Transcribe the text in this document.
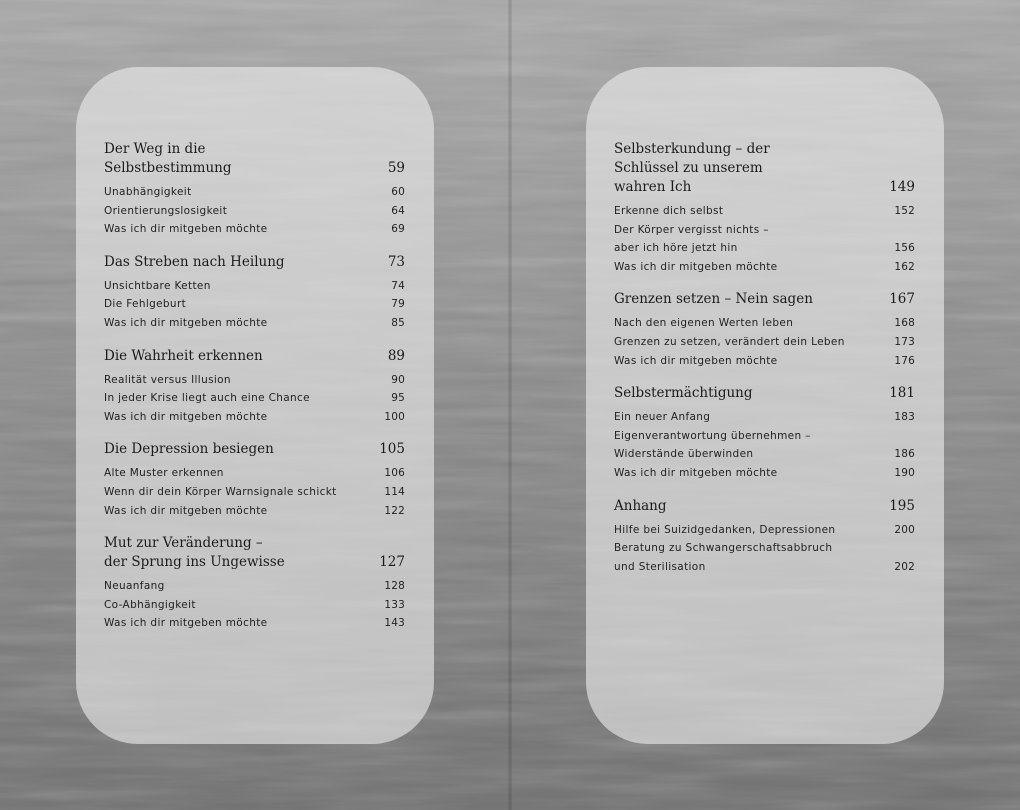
Der Weg in die
Selbstbestimmung	59
Unabhängigkeit	60
Orientierungslosigkeit	64
Was ich dir mitgeben möchte	69
Das Streben nach Heilung	73
Unsichtbare Ketten	74
Die Fehlgeburt	79
Was ich dir mitgeben möchte	85
Die Wahrheit erkennen	89
Realität versus Illusion	90
In jeder Krise liegt auch eine Chance	95
Was ich dir mitgeben möchte	100
Die Depression besiegen	105
Alte Muster erkennen	106
Wenn dir dein Körper Warnsignale schickt	114
Was ich dir mitgeben möchte	122
Mut zur Veränderung –
der Sprung ins Ungewisse	127
Neuanfang	128
Co-Abhängigkeit	133
Was ich dir mitgeben möchte	143
Selbsterkundung – der
Schlüssel zu unserem
wahren Ich	149
Erkenne dich selbst	152
Der Körper vergisst nichts –
aber ich höre jetzt hin	156
Was ich dir mitgeben möchte	162
Grenzen setzen – Nein sagen	167
Nach den eigenen Werten leben	168
Grenzen zu setzen, verändert dein Leben	173
Was ich dir mitgeben möchte	176
Selbstermächtigung	181
Ein neuer Anfang	183
Eigenverantwortung übernehmen –
Widerstände überwinden	186
Was ich dir mitgeben möchte	190
Anhang	195
Hilfe bei Suizidgedanken, Depressionen	200
Beratung zu Schwangerschaftsabbruch
und Sterilisation	202
